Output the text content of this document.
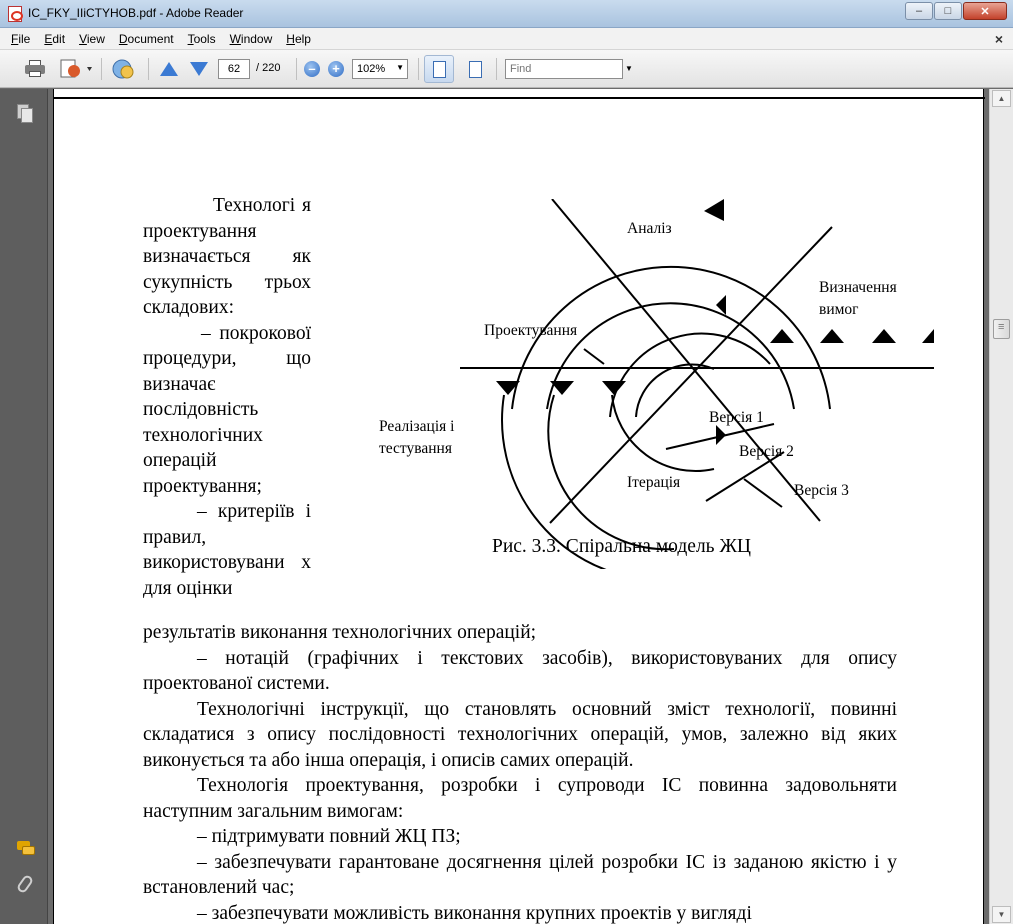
IC_FKY_IIiCTYHOB.pdf - Adobe Reader	–	□	✕
File	Edit	View	Document	Tools	Window	Help	×
62	/ 220	–	+	102% ▼
Find	▼

Технологі я проектування визначається як сукупність трьох складових:

– покрокової процедури, що визначає послідовність технологічних операцій проектування;

– критеріїв і правил, використовувани х для оцінки

Аналіз
Визначення
вимог
Проектування
Реалізація і
тестування
Версія 1
Версія 2
Версія 3
Ітерація
Рис. 3.3. Спіральна модель ЖЦ

результатів виконання технологічних операцій;

– нотацій (графічних і текстових засобів), використовуваних для опису проектованої системи.

Технологічні інструкції, що становлять основний зміст технології, повинні складатися з опису послідовності технологічних операцій, умов, залежно від яких виконується та або інша операція, і описів самих операцій.

Технологія проектування, розробки і супроводи ІС повинна задовольняти наступним загальним вимогам:

– підтримувати повний ЖЦ ПЗ;

– забезпечувати гарантоване досягнення цілей розробки ІС із заданою якістю і у встановлений час;

– забезпечувати можливість виконання крупних проектів у вигляді

▲
≡
▼
